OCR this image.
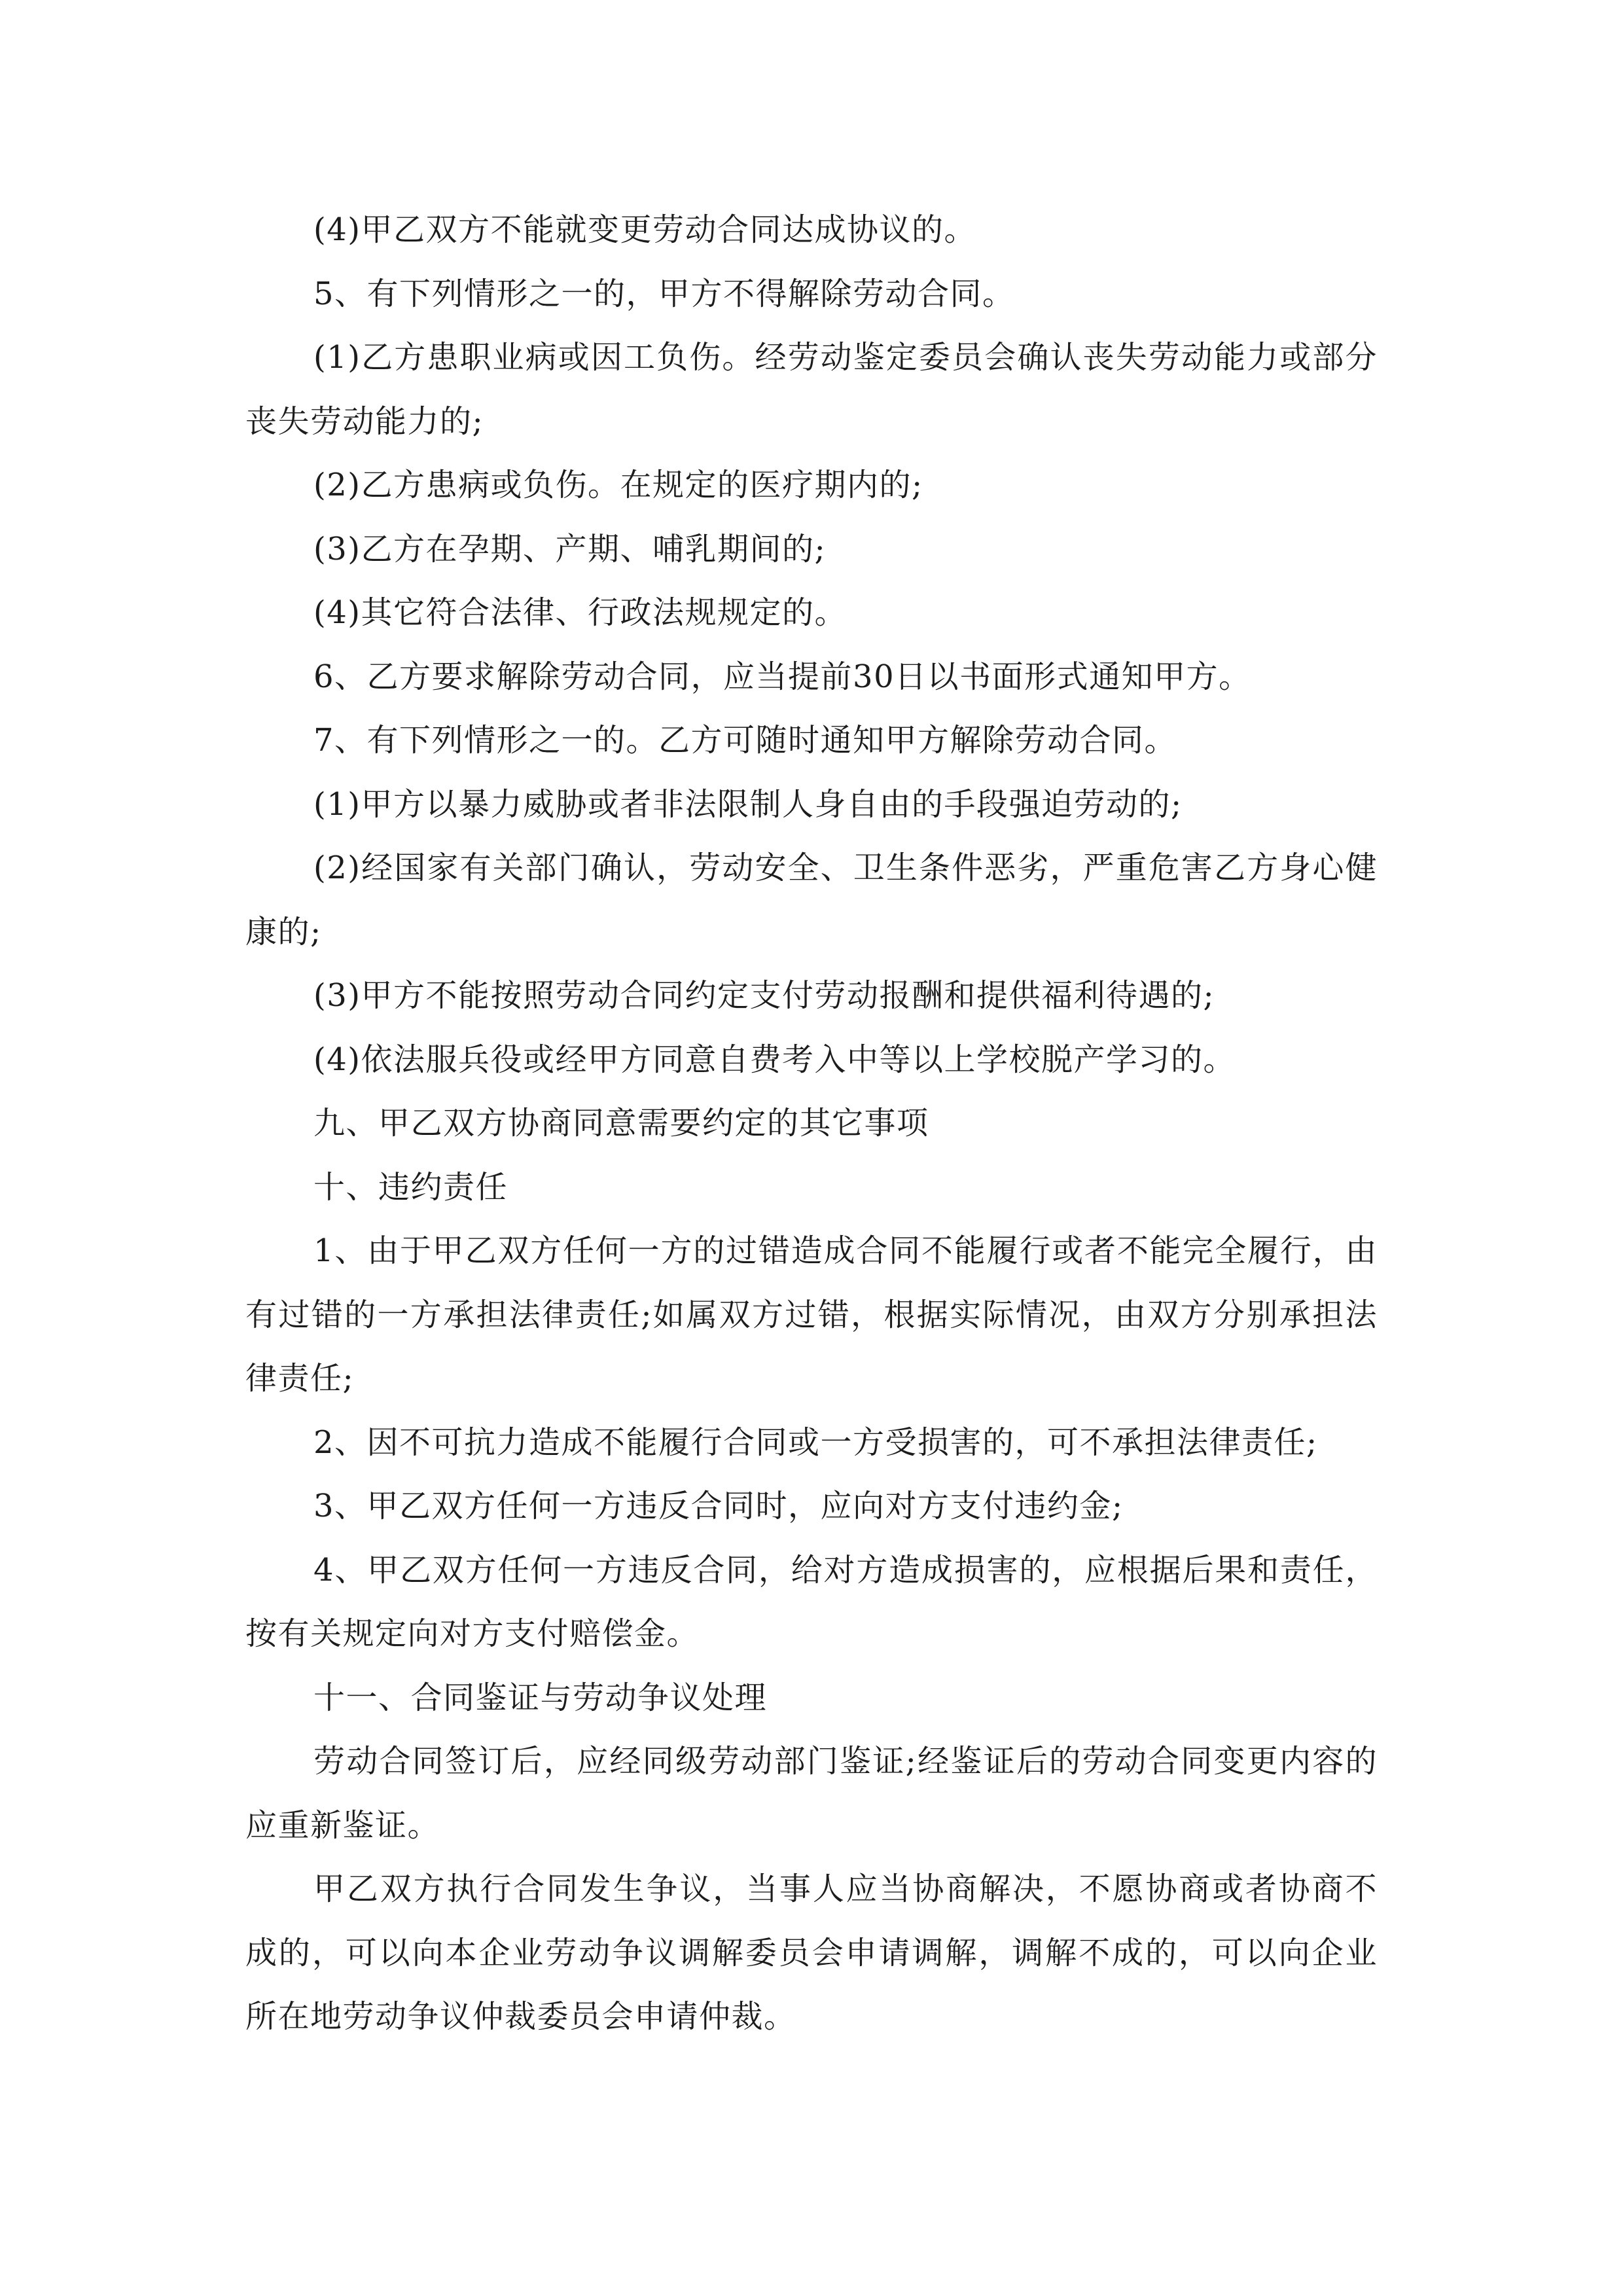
(4)甲乙双方不能就变更劳动合同达成协议的。

5、有下列情形之一的，甲方不得解除劳动合同。

(1)乙方患职业病或因工负伤。经劳动鉴定委员会确认丧失劳动能力或部分丧失劳动能力的;

(2)乙方患病或负伤。在规定的医疗期内的;

(3)乙方在孕期、产期、哺乳期间的;

(4)其它符合法律、行政法规规定的。

6、乙方要求解除劳动合同，应当提前30日以书面形式通知甲方。

7、有下列情形之一的。乙方可随时通知甲方解除劳动合同。

(1)甲方以暴力威胁或者非法限制人身自由的手段强迫劳动的;

(2)经国家有关部门确认，劳动安全、卫生条件恶劣，严重危害乙方身心健康的;

(3)甲方不能按照劳动合同约定支付劳动报酬和提供福利待遇的;

(4)依法服兵役或经甲方同意自费考入中等以上学校脱产学习的。

九、甲乙双方协商同意需要约定的其它事项

十、违约责任

1、由于甲乙双方任何一方的过错造成合同不能履行或者不能完全履行，由有过错的一方承担法律责任;如属双方过错，根据实际情况，由双方分别承担法律责任;

2、因不可抗力造成不能履行合同或一方受损害的，可不承担法律责任;

3、甲乙双方任何一方违反合同时，应向对方支付违约金;

4、甲乙双方任何一方违反合同，给对方造成损害的，应根据后果和责任，按有关规定向对方支付赔偿金。

十一、合同鉴证与劳动争议处理

劳动合同签订后，应经同级劳动部门鉴证;经鉴证后的劳动合同变更内容的应重新鉴证。

甲乙双方执行合同发生争议，当事人应当协商解决，不愿协商或者协商不成的，可以向本企业劳动争议调解委员会申请调解，调解不成的，可以向企业所在地劳动争议仲裁委员会申请仲裁。
